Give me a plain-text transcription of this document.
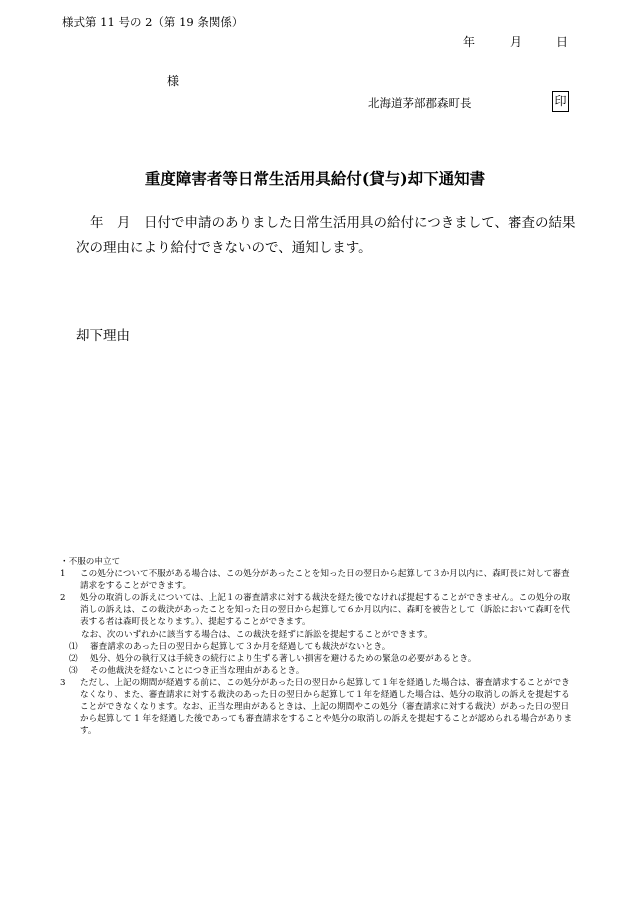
様式第 11 号の 2（第 19 条関係）
年	月	日
様
北海道茅部郡森町長	印
重度障害者等日常生活用具給付(貸与)却下通知書
年　月　日付で申請のありました日常生活用具の給付につきまして、審査の結果
次の理由により給付できないので、通知します。
却下理由
・不服の申立て
1	この処分について不服がある場合は、この処分があったことを知った日の翌日から起算して３か月以内に、森町長に対して審査請求をすることができます。
2	処分の取消しの訴えについては、上記１の審査請求に対する裁決を経た後でなければ提起することができません。この処分の取消しの訴えは、この裁決があったことを知った日の翌日から起算して６か月以内に、森町を被告として（訴訟において森町を代表する者は森町長となります。）、提起することができます。
なお、次のいずれかに該当する場合は、この裁決を経ずに訴訟を提起することができます。
⑴	審査請求のあった日の翌日から起算して３か月を経過しても裁決がないとき。
⑵	処分、処分の執行又は手続きの続行により生ずる著しい損害を避けるための緊急の必要があるとき。
⑶	その他裁決を経ないことにつき正当な理由があるとき。
3	ただし、上記の期間が経過する前に、この処分があった日の翌日から起算して１年を経過した場合は、審査請求することができなくなり、また、審査請求に対する裁決のあった日の翌日から起算して１年を経過した場合は、処分の取消しの訴えを提起することができなくなります。なお、正当な理由があるときは、上記の期間やこの処分（審査請求に対する裁決）があった日の翌日から起算して 1 年を経過した後であっても審査請求をすることや処分の取消しの訴えを提起することが認められる場合があります。
